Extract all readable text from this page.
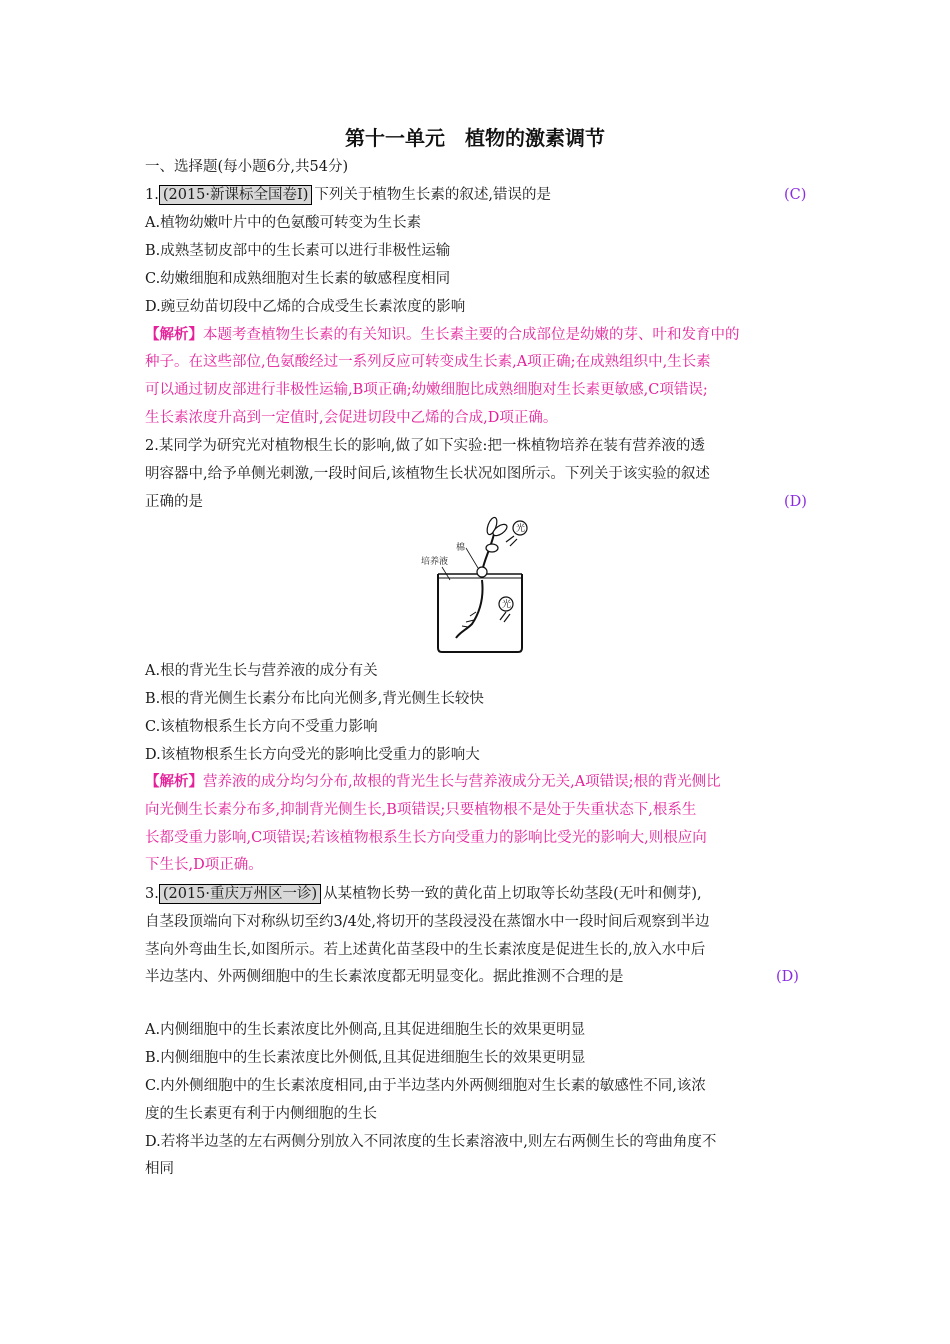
第十一单元　植物的激素调节
一、选择题(每小题6分,共54分)
1. (2015·新课标全国卷Ⅰ) 下列关于植物生长素的叙述,错误的是	(C)
A.植物幼嫩叶片中的色氨酸可转变为生长素
B.成熟茎韧皮部中的生长素可以进行非极性运输
C.幼嫩细胞和成熟细胞对生长素的敏感程度相同
D.豌豆幼苗切段中乙烯的合成受生长素浓度的影响
【解析】本题考查植物生长素的有关知识。生长素主要的合成部位是幼嫩的芽、叶和发育中的
种子。在这些部位,色氨酸经过一系列反应可转变成生长素,A项正确;在成熟组织中,生长素
可以通过韧皮部进行非极性运输,B项正确;幼嫩细胞比成熟细胞对生长素更敏感,C项错误;
生长素浓度升高到一定值时,会促进切段中乙烯的合成,D项正确。
2.某同学为研究光对植物根生长的影响,做了如下实验:把一株植物培养在装有营养液的透
明容器中,给予单侧光刺激,一段时间后,该植物生长状况如图所示。下列关于该实验的叙述
正确的是	(D)
棉
培养液
光
光
A.根的背光生长与营养液的成分有关
B.根的背光侧生长素分布比向光侧多,背光侧生长较快
C.该植物根系生长方向不受重力影响
D.该植物根系生长方向受光的影响比受重力的影响大
【解析】营养液的成分均匀分布,故根的背光生长与营养液成分无关,A项错误;根的背光侧比
向光侧生长素分布多,抑制背光侧生长,B项错误;只要植物根不是处于失重状态下,根系生
长都受重力影响,C项错误;若该植物根系生长方向受重力的影响比受光的影响大,则根应向
下生长,D项正确。
3. (2015·重庆万州区一诊) 从某植物长势一致的黄化苗上切取等长幼茎段(无叶和侧芽),
自茎段顶端向下对称纵切至约3/4处,将切开的茎段浸没在蒸馏水中一段时间后观察到半边
茎向外弯曲生长,如图所示。若上述黄化苗茎段中的生长素浓度是促进生长的,放入水中后
半边茎内、外两侧细胞中的生长素浓度都无明显变化。据此推测不合理的是	(D)
A.内侧细胞中的生长素浓度比外侧高,且其促进细胞生长的效果更明显
B.内侧细胞中的生长素浓度比外侧低,且其促进细胞生长的效果更明显
C.内外侧细胞中的生长素浓度相同,由于半边茎内外两侧细胞对生长素的敏感性不同,该浓
度的生长素更有利于内侧细胞的生长
D.若将半边茎的左右两侧分别放入不同浓度的生长素溶液中,则左右两侧生长的弯曲角度不
相同
